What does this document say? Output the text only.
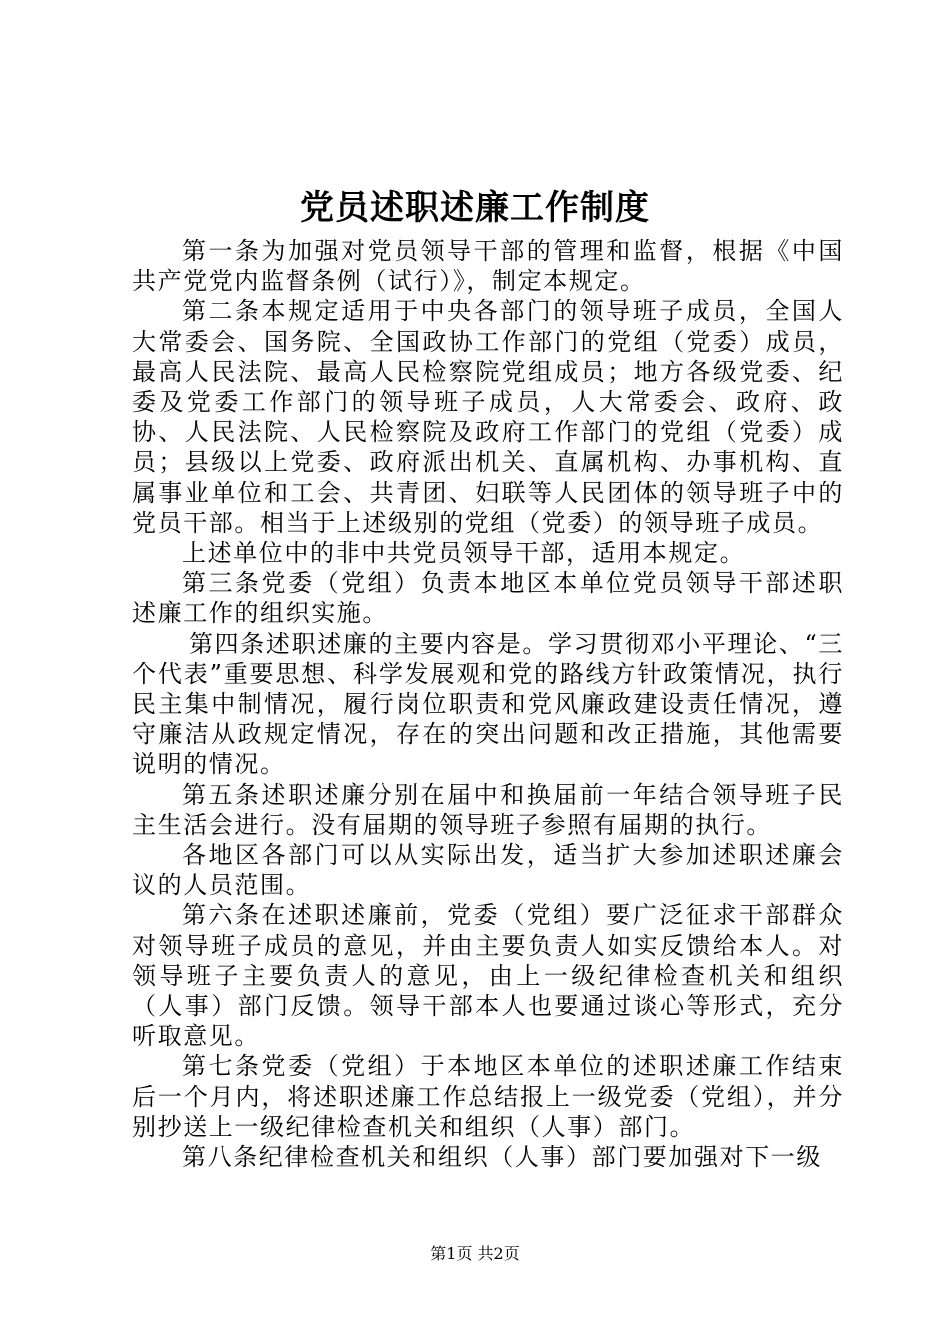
党员述职述廉工作制度

第一条为加强对党员领导干部的管理和监督，根据《中国共产党党内监督条例（试行）》，制定本规定。

第二条本规定适用于中央各部门的领导班子成员，全国人大常委会、国务院、全国政协工作部门的党组（党委）成员，最高人民法院、最高人民检察院党组成员；地方各级党委、纪委及党委工作部门的领导班子成员，人大常委会、政府、政协、人民法院、人民检察院及政府工作部门的党组（党委）成员；县级以上党委、政府派出机关、直属机构、办事机构、直属事业单位和工会、共青团、妇联等人民团体的领导班子中的党员干部。相当于上述级别的党组（党委）的领导班子成员。

上述单位中的非中共党员领导干部，适用本规定。

第三条党委（党组）负责本地区本单位党员领导干部述职述廉工作的组织实施。

第四条述职述廉的主要内容是。学习贯彻邓小平理论、“三个代表”重要思想、科学发展观和党的路线方针政策情况，执行民主集中制情况，履行岗位职责和党风廉政建设责任情况，遵守廉洁从政规定情况，存在的突出问题和改正措施，其他需要说明的情况。

第五条述职述廉分别在届中和换届前一年结合领导班子民主生活会进行。没有届期的领导班子参照有届期的执行。

各地区各部门可以从实际出发，适当扩大参加述职述廉会议的人员范围。

第六条在述职述廉前，党委（党组）要广泛征求干部群众对领导班子成员的意见，并由主要负责人如实反馈给本人。对领导班子主要负责人的意见，由上一级纪律检查机关和组织（人事）部门反馈。领导干部本人也要通过谈心等形式，充分听取意见。

第七条党委（党组）于本地区本单位的述职述廉工作结束后一个月内，将述职述廉工作总结报上一级党委（党组），并分别抄送上一级纪律检查机关和组织（人事）部门。

第八条纪律检查机关和组织（人事）部门要加强对下一级

第1页 共2页
